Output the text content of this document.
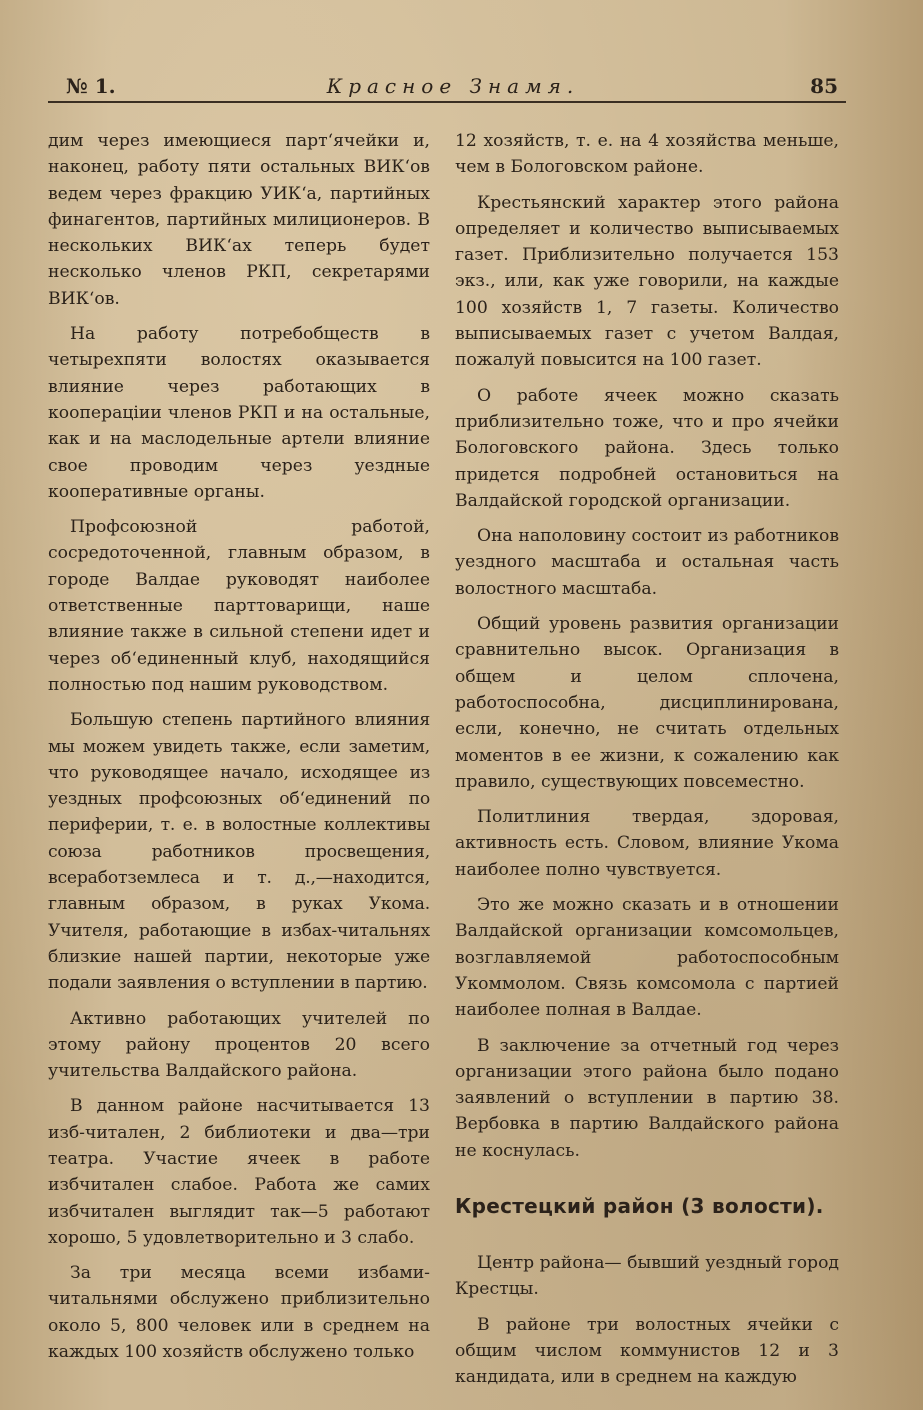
№ 1.	Красное Знамя.	85

дим через имеющиеся парт‘ячейки и, наконец, работу пяти остальных ВИК‘ов ведем через фракцию УИК‘а, партийных финагентов, партийных милиционеров. В нескольких ВИК‘ах теперь будет несколько членов РКП, секретарями ВИК‘ов.

На работу потребобществ в четырехпяти волостях оказывается влияние через работающих в коопераціии членов РКП и на остальные, как и на маслодельные артели влияние свое проводим через уездные кооперативные органы.

Профсоюзной работой, сосредоточенной, главным образом, в городе Валдае руководят наиболее ответственные парттоварищи, наше влияние также в сильной степени идет и через об‘единенный клуб, находящийся полностью под нашим руководством.

Большую степень партийного влияния мы можем увидеть также, если заметим, что руководящее начало, исходящее из уездных профсоюзных об‘единений по периферии, т. е. в волостные коллективы союза работников просвещения, всеработземлеса и т. д.,—находится, главным образом, в руках Укома. Учителя, работающие в избах-читальнях близкие нашей партии, некоторые уже подали заявления о вступлении в партию.

Активно работающих учителей по этому району процентов 20 всего учительства Валдайского района.

В данном районе насчитывается 13 изб-читален, 2 библиотеки и два—три театра. Участие ячеек в работе избчитален слабое. Работа же самих избчитален выглядит так—5 работают хорошо, 5 удовлетворительно и 3 слабо.

За три месяца всеми избами-читальнями обслужено приблизительно около 5, 800 человек или в среднем на каждых 100 хозяйств обслужено только

12 хозяйств, т. е. на 4 хозяйства меньше, чем в Бологовском районе.

Крестьянский характер этого района определяет и количество выписываемых газет. Приблизительно получается 153 экз., или, как уже говорили, на каждые 100 хозяйств 1, 7 газеты. Количество выписываемых газет с учетом Валдая, пожалуй повысится на 100 газет.

О работе ячеек можно сказать приблизительно тоже, что и про ячейки Бологовского района. Здесь только придется подробней остановиться на Валдайской городской организации.

Она наполовину состоит из работников уездного масштаба и остальная часть волостного масштаба.

Общий уровень развития организации сравнительно высок. Организация в общем и целом сплочена, работоспособна, дисциплинирована, если, конечно, не считать отдельных моментов в ее жизни, к сожалению как правило, существующих повсеместно.

Политлиния твердая, здоровая, активность есть. Словом, влияние Укома наиболее полно чувствуется.

Это же можно сказать и в отношении Валдайской организации комсомольцев, возглавляемой работоспособным Укоммолом. Связь комсомола с партией наиболее полная в Валдае.

В заключение за отчетный год через организации этого района было подано заявлений о вступлении в партию 38. Вербовка в партию Валдайского района не коснулась.

Крестецкий район (3 волости).

Центр района— бывший уездный город Крестцы.

В районе три волостных ячейки с общим числом коммунистов 12 и 3 кандидата, или в среднем на каждую
